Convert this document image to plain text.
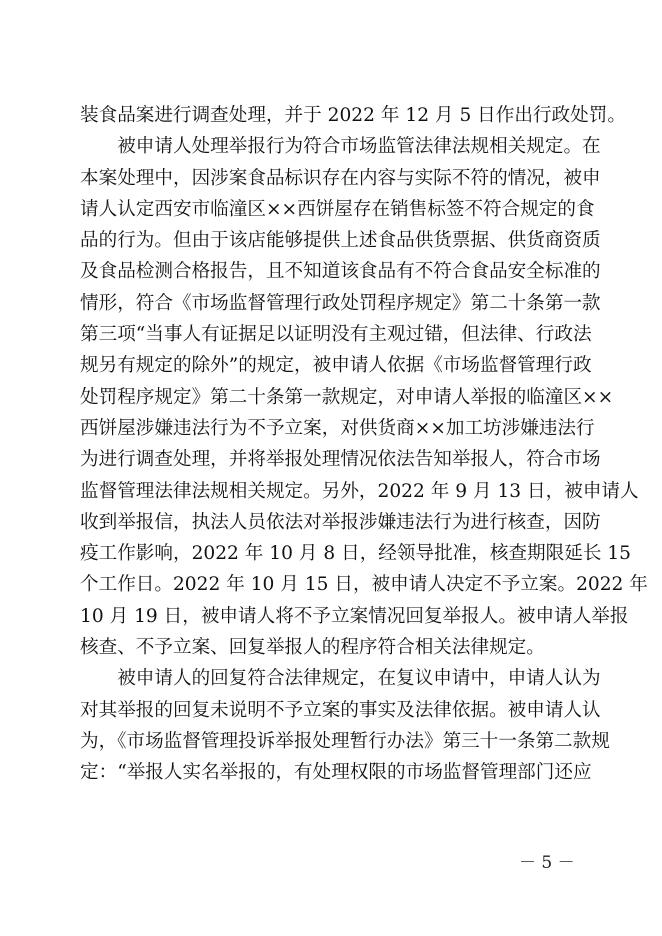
装食品案进行调查处理，并于 2022 年 12 月 5 日作出行政处罚。
　　被申请人处理举报行为符合市场监管法律法规相关规定。在
本案处理中，因涉案食品标识存在内容与实际不符的情况，被申
请人认定西安市临潼区××西饼屋存在销售标签不符合规定的食
品的行为。但由于该店能够提供上述食品供货票据、供货商资质
及食品检测合格报告，且不知道该食品有不符合食品安全标准的
情形，符合《市场监督管理行政处罚程序规定》第二十条第一款
第三项“当事人有证据足以证明没有主观过错，但法律、行政法
规另有规定的除外”的规定，被申请人依据《市场监督管理行政
处罚程序规定》第二十条第一款规定，对申请人举报的临潼区××
西饼屋涉嫌违法行为不予立案，对供货商××加工坊涉嫌违法行
为进行调查处理，并将举报处理情况依法告知举报人，符合市场
监督管理法律法规相关规定。另外，2022 年 9 月 13 日，被申请人
收到举报信，执法人员依法对举报涉嫌违法行为进行核查，因防
疫工作影响，2022 年 10 月 8 日，经领导批准，核查期限延长 15
个工作日。2022 年 10 月 15 日，被申请人决定不予立案。2022 年
10 月 19 日，被申请人将不予立案情况回复举报人。被申请人举报
核查、不予立案、回复举报人的程序符合相关法律规定。
　　被申请人的回复符合法律规定，在复议申请中，申请人认为
对其举报的回复未说明不予立案的事实及法律依据。被申请人认
为，《市场监督管理投诉举报处理暂行办法》第三十一条第二款规
定：“举报人实名举报的，有处理权限的市场监督管理部门还应

－ 5 －
